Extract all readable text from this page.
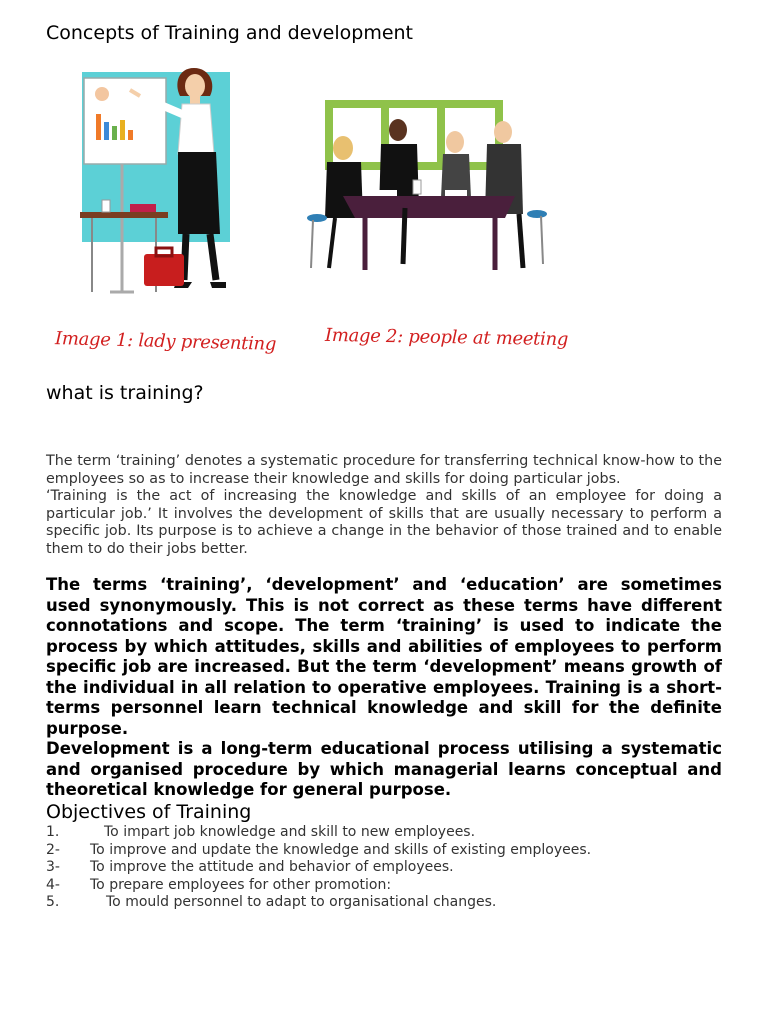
Concepts of Training and development
Image 1: lady presenting	Image 2: people at meeting
what is training?

The term ‘training’ denotes a systematic procedure for transferring technical know-how to the employees so as to increase their knowledge and skills for doing particular jobs.
‘Training is the act of increasing the knowledge and skills of an employee for doing a particular job.’ It involves the development of skills that are usually necessary to perform a specific job. Its purpose is to achieve a change in the behavior of those trained and to enable them to do their jobs better.

The terms ‘training’, ‘development’ and ‘education’ are sometimes used synonymously. This is not correct as these terms have different connotations and scope. The term ‘training’ is used to indicate the process by which attitudes, skills and abilities of employees to perform specific job are increased. But the term ‘development’ means growth of the individual in all relation to operative employees. Training is a short-terms personnel learn technical knowledge and skill for the definite purpose.
Development is a long-term educational process utilising a systematic and organised procedure by which managerial learns conceptual and theoretical knowledge for general purpose.

Objectives of Training
1.	To impart job knowledge and skill to new employees.
2- To improve and update the knowledge and skills of existing employees.
3- To improve the attitude and behavior of employees.
4- To prepare employees for other promotion:
5.	To mould personnel to adapt to organisational changes.
